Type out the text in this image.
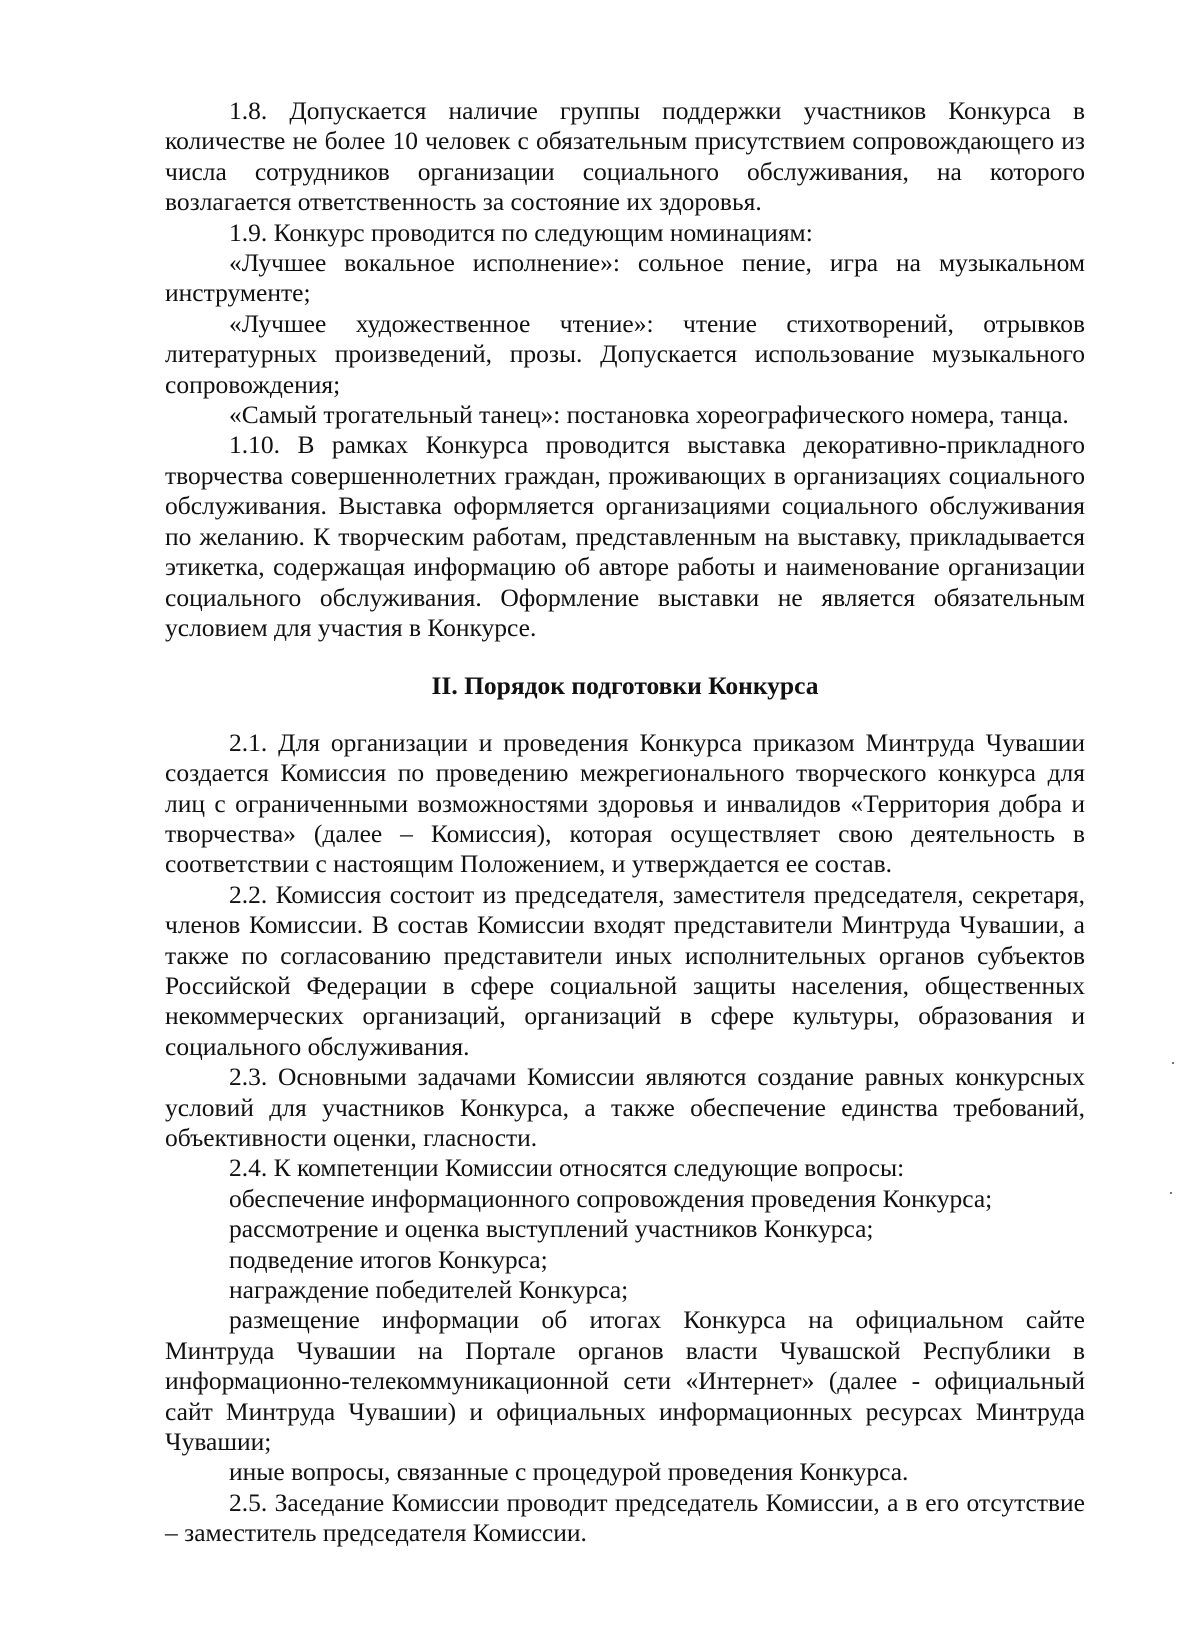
1.8. Допускается наличие группы поддержки участников Конкурса в количестве не более 10 человек с обязательным присутствием сопровождающего из числа сотрудников организации социального обслуживания, на которого возлагается ответственность за состояние их здоровья.

1.9. Конкурс проводится по следующим номинациям:

«Лучшее вокальное исполнение»: сольное пение, игра на музыкальном инструменте;

«Лучшее художественное чтение»: чтение стихотворений, отрывков литературных произведений, прозы. Допускается использование музыкального сопровождения;

«Самый трогательный танец»: постановка хореографического номера, танца.

1.10. В рамках Конкурса проводится выставка декоративно-прикладного творчества совершеннолетних граждан, проживающих в организациях социального обслуживания. Выставка оформляется организациями социального обслуживания по желанию. К творческим работам, представленным на выставку, прикладывается этикетка, содержащая информацию об авторе работы и наименование организации социального обслуживания. Оформление выставки не является обязательным условием для участия в Конкурсе.

II. Порядок подготовки Конкурса

2.1. Для организации и проведения Конкурса приказом Минтруда Чувашии создается Комиссия по проведению межрегионального творческого конкурса для лиц с ограниченными возможностями здоровья и инвалидов «Территория добра и творчества» (далее – Комиссия), которая осуществляет свою деятельность в соответствии с настоящим Положением, и утверждается ее состав.

2.2. Комиссия состоит из председателя, заместителя председателя, секретаря, членов Комиссии. В состав Комиссии входят представители Минтруда Чувашии, а также по согласованию представители иных исполнительных органов субъектов Российской Федерации в сфере социальной защиты населения, общественных некоммерческих организаций, организаций в сфере культуры, образования и социального обслуживания.

2.3. Основными задачами Комиссии являются создание равных конкурсных условий для участников Конкурса, а также обеспечение единства требований, объективности оценки, гласности.

2.4. К компетенции Комиссии относятся следующие вопросы:

обеспечение информационного сопровождения проведения Конкурса;

рассмотрение и оценка выступлений участников Конкурса;

подведение итогов Конкурса;

награждение победителей Конкурса;

размещение информации об итогах Конкурса на официальном сайте Минтруда Чувашии на Портале органов власти Чувашской Республики в информационно-телекоммуникационной сети «Интернет» (далее - официальный сайт Минтруда Чувашии) и официальных информационных ресурсах Минтруда Чувашии;

иные вопросы, связанные с процедурой проведения Конкурса.

2.5. Заседание Комиссии проводит председатель Комиссии, а в его отсутствие – заместитель председателя Комиссии.
